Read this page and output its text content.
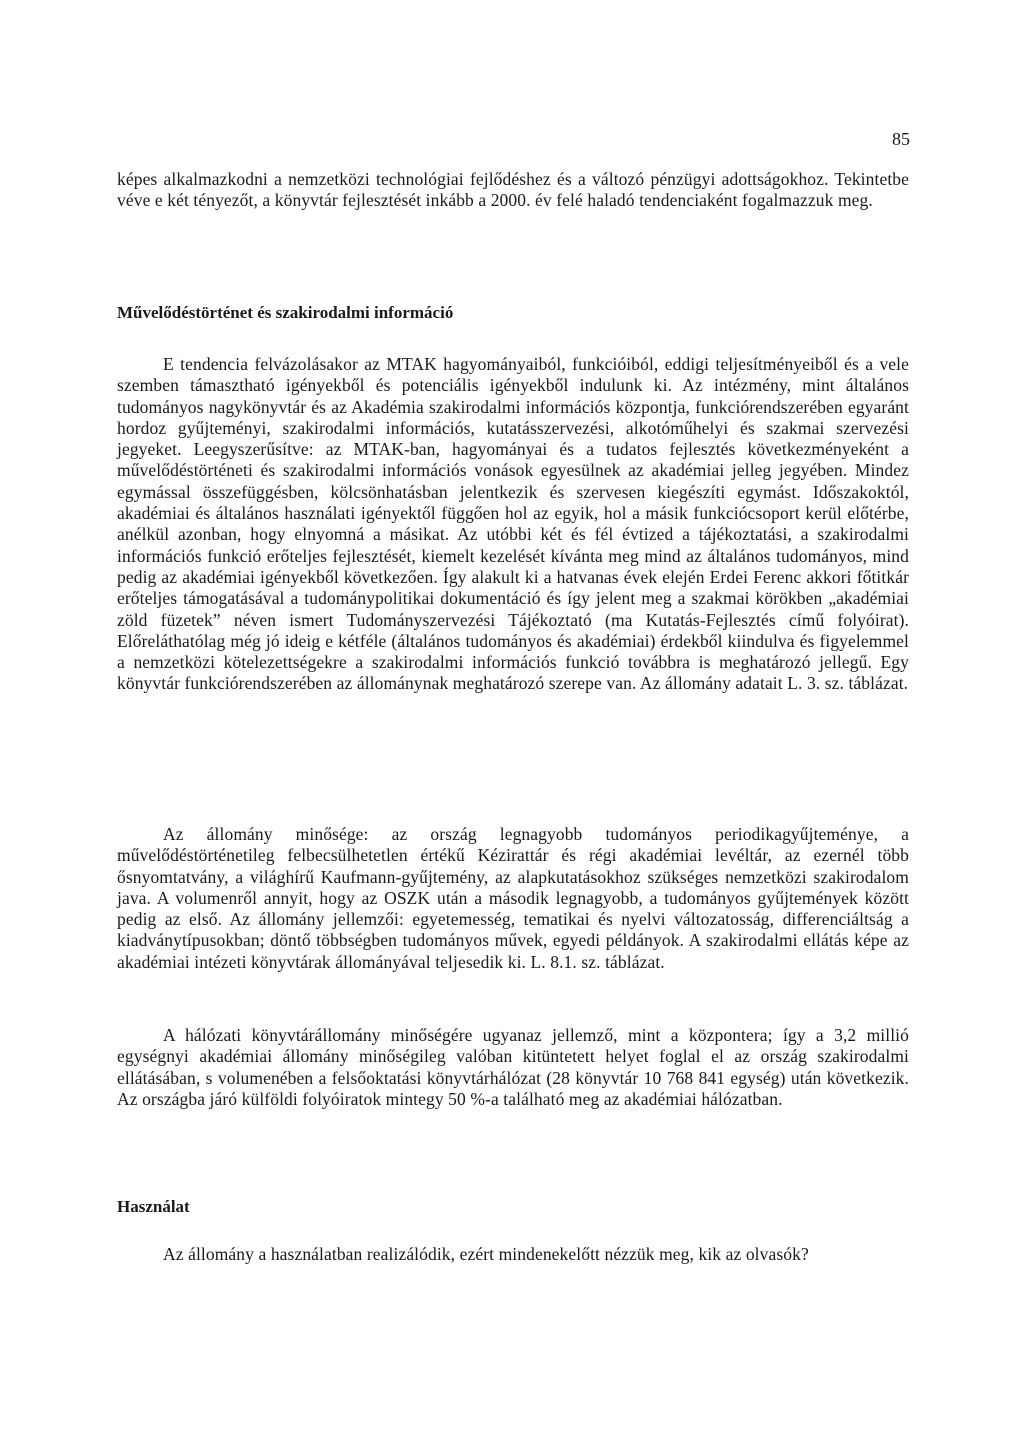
85

képes alkalmazkodni a nemzetközi technológiai fejlődéshez és a változó pénzügyi adottságokhoz. Tekintetbe véve e két tényezőt, a könyvtár fejlesztését inkább a 2000. év felé haladó tendenciaként fogalmazzuk meg.

Művelődéstörténet és szakirodalmi információ

E tendencia felvázolásakor az MTAK hagyományaiból, funkcióiból, eddigi teljesítményeiből és a vele szemben támasztható igényekből és potenciális igényekből indulunk ki. Az intézmény, mint általános tudományos nagykönyvtár és az Akadémia szakirodalmi információs központja, funkciórendszerében egyaránt hordoz gyűjteményi, szakirodalmi információs, kutatásszervezési, alkotóműhelyi és szakmai szervezési jegyeket. Leegyszerűsítve: az MTAK-ban, hagyományai és a tudatos fejlesztés következményeként a művelődéstörténeti és szakirodalmi információs vonások egyesülnek az akadémiai jelleg jegyében. Mindez egymással összefüggésben, kölcsönhatásban jelentkezik és szervesen kiegészíti egymást. Időszakoktól, akadémiai és általános használati igényektől függően hol az egyik, hol a másik funkciócsoport kerül előtérbe, anélkül azonban, hogy elnyomná a másikat. Az utóbbi két és fél évtized a tájékoztatási, a szakirodalmi információs funkció erőteljes fejlesztését, kiemelt kezelését kívánta meg mind az általános tudományos, mind pedig az akadémiai igényekből következően. Így alakult ki a hatvanas évek elején Erdei Ferenc akkori főtitkár erőteljes támogatásával a tudománypolitikai dokumentáció és így jelent meg a szakmai körökben „akadémiai zöld füzetek” néven ismert Tudományszervezési Tájékoztató (ma Kutatás-Fejlesztés című folyóirat). Előreláthatólag még jó ideig e kétféle (általános tudományos és akadémiai) érdekből kiindulva és figyelemmel a nemzetközi kötelezettségekre a szakirodalmi információs funkció továbbra is meghatározó jellegű. Egy könyvtár funkciórendszerében az állománynak meghatározó szerepe van. Az állomány adatait L. 3. sz. táblázat.

Az állomány minősége: az ország legnagyobb tudományos periodikagyűjteménye, a művelődéstörténetileg felbecsülhetetlen értékű Kézirattár és régi akadémiai levéltár, az ezernél több ősnyomtatvány, a világhírű Kaufmann-gyűjtemény, az alapkutatásokhoz szükséges nemzetközi szakirodalom java. A volumenről annyit, hogy az OSZK után a második legnagyobb, a tudományos gyűjtemények között pedig az első. Az állomány jellemzői: egyetemesség, tematikai és nyelvi változatosság, differenciáltság a kiadványtípusokban; döntő többségben tudományos művek, egyedi példányok. A szakirodalmi ellátás képe az akadémiai intézeti könyvtárak állományával teljesedik ki. L. 8.1. sz. táblázat.

A hálózati könyvtárállomány minőségére ugyanaz jellemző, mint a központera; így a 3,2 millió egységnyi akadémiai állomány minőségileg valóban kitüntetett helyet foglal el az ország szakirodalmi ellátásában, s volumenében a felsőoktatási könyvtárhálózat (28 könyvtár 10 768 841 egység) után következik. Az országba járó külföldi folyóiratok mintegy 50 %-a található meg az akadémiai hálózatban.

Használat

Az állomány a használatban realizálódik, ezért mindenekelőtt nézzük meg, kik az olvasók?
